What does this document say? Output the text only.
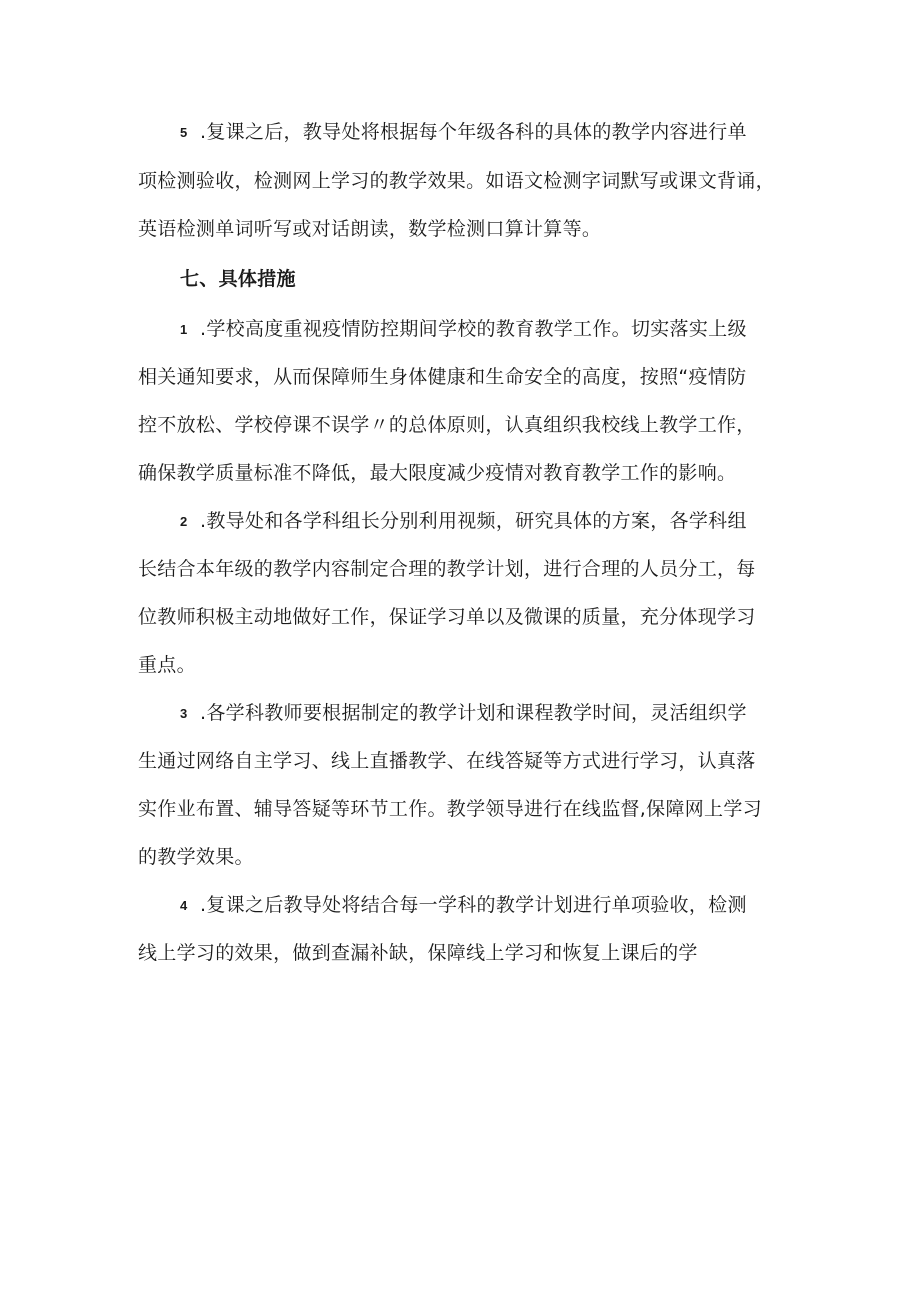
5 .复课之后，教导处将根据每个年级各科的具体的教学内容进行单
项检测验收，检测网上学习的教学效果。如语文检测字词默写或课文背诵，
英语检测单词听写或对话朗读，数学检测口算计算等。
七、具体措施
1 .学校高度重视疫情防控期间学校的教育教学工作。切实落实上级
相关通知要求，从而保障师生身体健康和生命安全的高度，按照“疫情防
控不放松、学校停课不误学〃的总体原则，认真组织我校线上教学工作，
确保教学质量标准不降低，最大限度减少疫情对教育教学工作的影响。
2 .教导处和各学科组长分别利用视频，研究具体的方案，各学科组
长结合本年级的教学内容制定合理的教学计划，进行合理的人员分工，每
位教师积极主动地做好工作，保证学习单以及微课的质量，充分体现学习
重点。
3 .各学科教师要根据制定的教学计划和课程教学时间，灵活组织学
生通过网络自主学习、线上直播教学、在线答疑等方式进行学习，认真落
实作业布置、辅导答疑等环节工作。教学领导进行在线监督,保障网上学习
的教学效果。
4 .复课之后教导处将结合每一学科的教学计划进行单项验收，检测
线上学习的效果，做到查漏补缺，保障线上学习和恢复上课后的学
